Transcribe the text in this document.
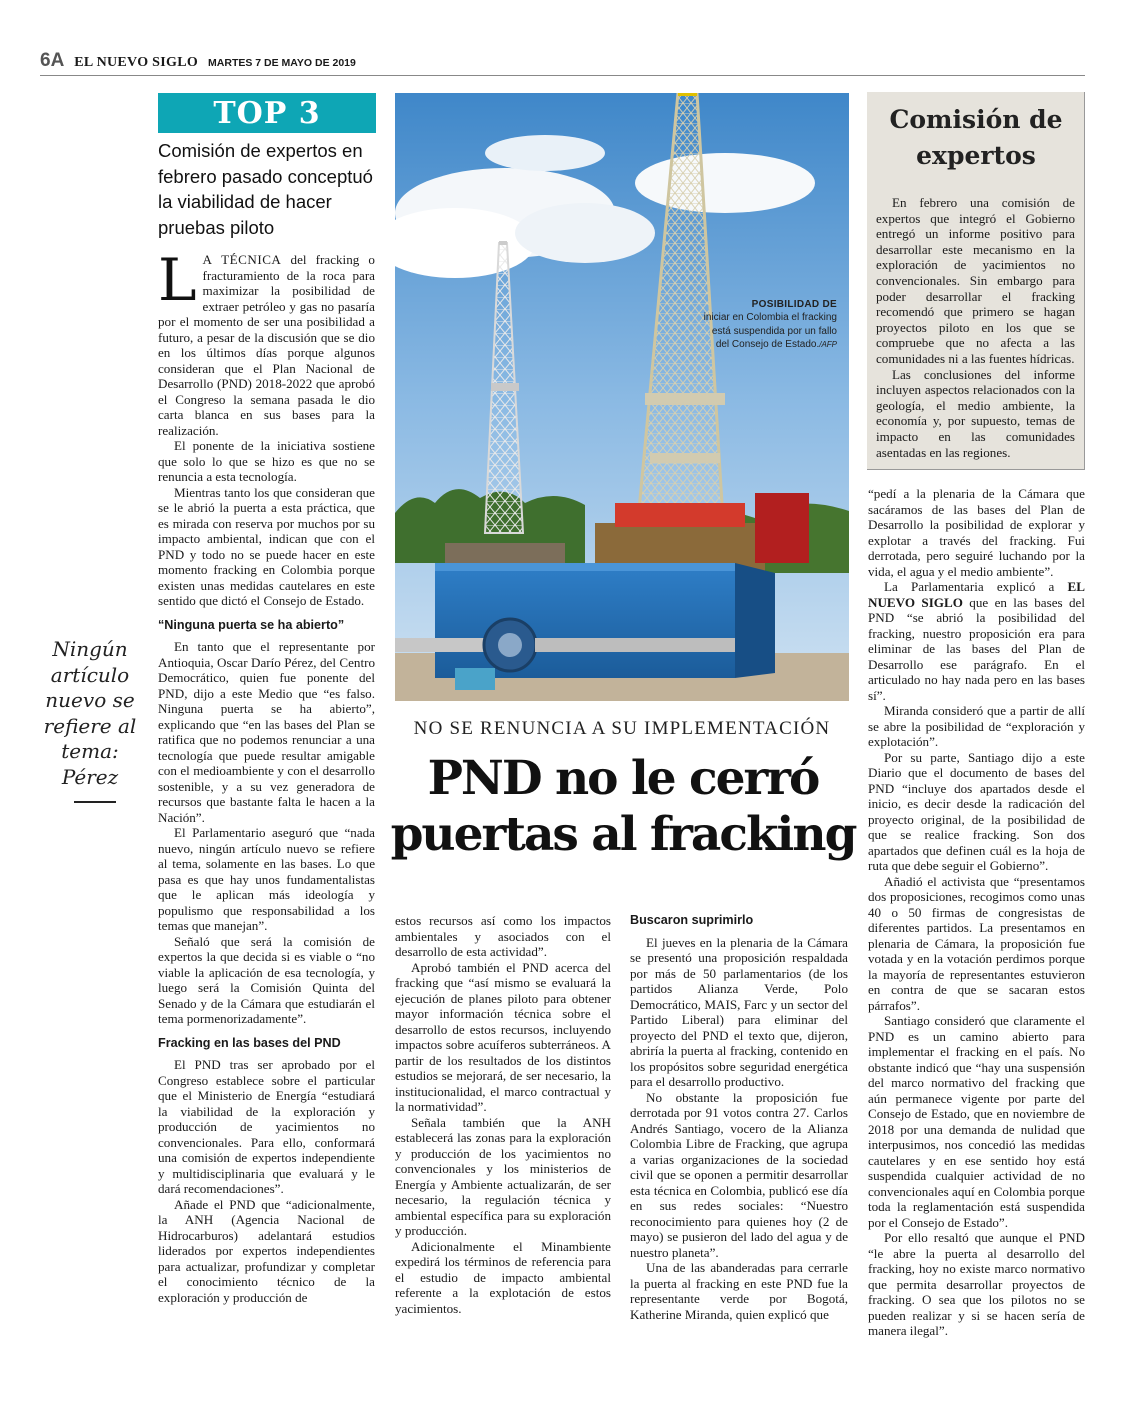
6A EL NUEVO SIGLO MARTES 7 DE MAYO DE 2019
TOP 3

Comisión de expertos en febrero pasado conceptuó la viabilidad de hacer pruebas piloto

L A TÉCNICA del fracking o fracturamiento de la roca para maximizar la posibilidad de extraer petróleo y gas no pasaría por el momento de ser una posibilidad a futuro, a pesar de la discusión que se dio en los últimos días porque algunos consideran que el Plan Nacional de Desarrollo (PND) 2018-2022 que aprobó el Congreso la semana pasada le dio carta blanca en sus bases para la realización.

El ponente de la iniciativa sostiene que solo lo que se hizo es que no se renuncia a esta tecnología.

Mientras tanto los que consideran que se le abrió la puerta a esta práctica, que es mirada con reserva por muchos por su impacto ambiental, indican que con el PND y todo no se puede hacer en este momento fracking en Colombia porque existen unas medidas cautelares en este sentido que dictó el Consejo de Estado.

“Ninguna puerta se ha abierto”

En tanto que el representante por Antioquia, Oscar Darío Pérez, del Centro Democrático, quien fue ponente del PND, dijo a este Medio que “es falso. Ninguna puerta se ha abierto”, explicando que “en las bases del Plan se ratifica que no podemos renunciar a una tecnología que puede resultar amigable con el medioambiente y con el desarrollo sostenible, y a su vez generadora de recursos que bastante falta le hacen a la Nación”.

El Parlamentario aseguró que “nada nuevo, ningún artículo nuevo se refiere al tema, solamente en las bases. Lo que pasa es que hay unos fundamentalistas que le aplican más ideología y populismo que responsabilidad a los temas que manejan”.

Señaló que será la comisión de expertos la que decida si es viable o “no viable la aplicación de esa tecnología, y luego será la Comisión Quinta del Senado y de la Cámara que estudiarán el tema pormenorizadamente”.

Fracking en las bases del PND

El PND tras ser aprobado por el Congreso establece sobre el particular que el Ministerio de Energía “estudiará la viabilidad de la exploración y producción de yacimientos no convencionales. Para ello, conformará una comisión de expertos independiente y multidisciplinaria que evaluará y le dará recomendaciones”.

Añade el PND que “adicionalmente, la ANH (Agencia Nacional de Hidrocarburos) adelantará estudios liderados por expertos independientes para actualizar, profundizar y completar el conocimiento técnico de la exploración y producción de

Ningún artículo nuevo se refiere al tema: Pérez
POSIBILIDAD DE
iniciar en Colombia el fracking está suspendida por un fallo del Consejo de Estado./AFP
NO SE RENUNCIA A SU IMPLEMENTACIÓN
PND no le cerró puertas al fracking

estos recursos así como los impactos ambientales y asociados con el desarrollo de esta actividad”.

Aprobó también el PND acerca del fracking que “así mismo se evaluará la ejecución de planes piloto para obtener mayor información técnica sobre el desarrollo de estos recursos, incluyendo impactos sobre acuíferos subterráneos. A partir de los resultados de los distintos estudios se mejorará, de ser necesario, la institucionalidad, el marco contractual y la normatividad”.

Señala también que la ANH establecerá las zonas para la exploración y producción de los yacimientos no convencionales y los ministerios de Energía y Ambiente actualizarán, de ser necesario, la regulación técnica y ambiental específica para su exploración y producción.

Adicionalmente el Minambiente expedirá los términos de referencia para el estudio de impacto ambiental referente a la explotación de estos yacimientos.

Buscaron suprimirlo

El jueves en la plenaria de la Cámara se presentó una proposición respaldada por más de 50 parlamentarios (de los partidos Alianza Verde, Polo Democrático, MAIS, Farc y un sector del Partido Liberal) para eliminar del proyecto del PND el texto que, dijeron, abriría la puerta al fracking, contenido en los propósitos sobre seguridad energética para el desarrollo productivo.

No obstante la proposición fue derrotada por 91 votos contra 27. Carlos Andrés Santiago, vocero de la Alianza Colombia Libre de Fracking, que agrupa a varias organizaciones de la sociedad civil que se oponen a permitir desarrollar esta técnica en Colombia, publicó ese día en sus redes sociales: “Nuestro reconocimiento para quienes hoy (2 de mayo) se pusieron del lado del agua y de nuestro planeta”.

Una de las abanderadas para cerrarle la puerta al fracking en este PND fue la representante verde por Bogotá, Katherine Miranda, quien explicó que

Comisión de expertos

En febrero una comisión de expertos que integró el Gobierno entregó un informe positivo para desarrollar este mecanismo en la exploración de yacimientos no convencionales. Sin embargo para poder desarrollar el fracking recomendó que primero se hagan proyectos piloto en los que se compruebe que no afecta a las comunidades ni a las fuentes hídricas.

Las conclusiones del informe incluyen aspectos relacionados con la geología, el medio ambiente, la economía y, por supuesto, temas de impacto en las comunidades asentadas en las regiones.

“pedí a la plenaria de la Cámara que sacáramos de las bases del Plan de Desarrollo la posibilidad de explorar y explotar a través del fracking. Fui derrotada, pero seguiré luchando por la vida, el agua y el medio ambiente”.

La Parlamentaria explicó a EL NUEVO SIGLO que en las bases del PND “se abrió la posibilidad del fracking, nuestro proposición era para eliminar de las bases del Plan de Desarrollo ese parágrafo. En el articulado no hay nada pero en las bases sí”.

Miranda consideró que a partir de allí se abre la posibilidad de “exploración y explotación”.

Por su parte, Santiago dijo a este Diario que el documento de bases del PND “incluye dos apartados desde el inicio, es decir desde la radicación del proyecto original, de la posibilidad de que se realice fracking. Son dos apartados que definen cuál es la hoja de ruta que debe seguir el Gobierno”.

Añadió el activista que “presentamos dos proposiciones, recogimos como unas 40 o 50 firmas de congresistas de diferentes partidos. La presentamos en plenaria de Cámara, la proposición fue votada y en la votación perdimos porque la mayoría de representantes estuvieron en contra de que se sacaran estos párrafos”.

Santiago consideró que claramente el PND es un camino abierto para implementar el fracking en el país. No obstante indicó que “hay una suspensión del marco normativo del fracking que aún permanece vigente por parte del Consejo de Estado, que en noviembre de 2018 por una demanda de nulidad que interpusimos, nos concedió las medidas cautelares y en ese sentido hoy está suspendida cualquier actividad de no convencionales aquí en Colombia porque toda la reglamentación está suspendida por el Consejo de Estado”.

Por ello resaltó que aunque el PND “le abre la puerta al desarrollo del fracking, hoy no existe marco normativo que permita desarrollar proyectos de fracking. O sea que los pilotos no se pueden realizar y si se hacen sería de manera ilegal”.
